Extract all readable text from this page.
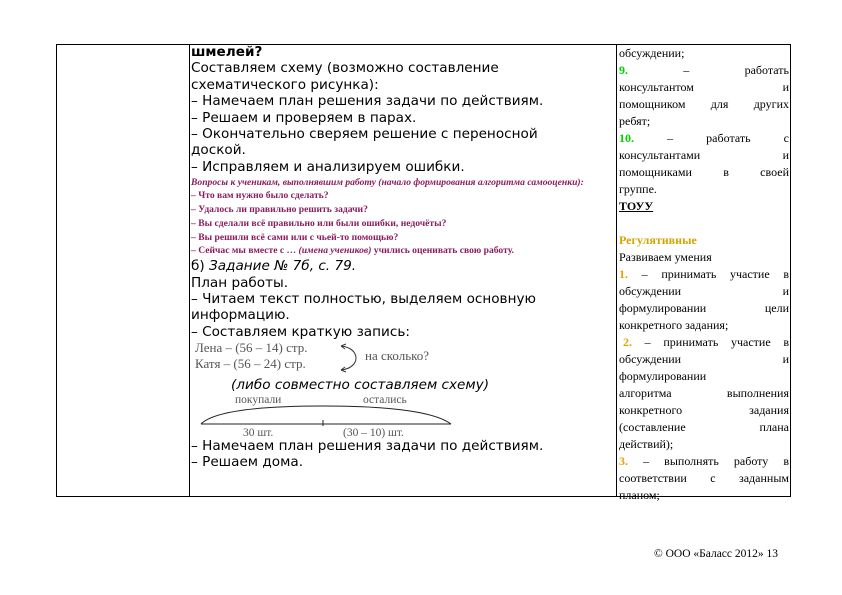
шмелей?
Составляем схему (возможно составление
схематического рисунка):
– Намечаем план решения задачи по действиям.
– Решаем и проверяем в парах.
– Окончательно сверяем решение с переносной
доской.
– Исправляем и анализируем ошибки.
Вопросы к ученикам, выполнявшим работу (начало формирования алгоритма самооценки):
– Что вам нужно было сделать?
– Удалось ли правильно решить задачи?
– Вы сделали всё правильно или были ошибки, недочёты?
– Вы решили всё сами или с чьей-то помощью?
– Сейчас мы вместе с … (имена учеников) учились оценивать свою работу.
б) Задание № 7б, с. 79.
План работы.
– Читаем текст полностью, выделяем основную
информацию.
– Составляем краткую запись:
Лена – (56 – 14) стр.
Катя – (56 – 24) стр.
на сколько?
(либо совместно составляем схему)
покупали	остались
30 шт.	(30 – 10) шт.
– Намечаем план решения задачи по действиям.
– Решаем дома.
обсуждении;
9.	– работать
консультантом и
помощником для других
ребят;
10.	– работать с
консультантами и
помощниками в своей
группе.
ТОУУ
Регулятивные
Развиваем умения
1. – принимать участие в
обсуждении и
формулировании цели
конкретного задания;
2. – принимать участие в
обсуждении и
формулировании
алгоритма выполнения
конкретного задания
(составление плана
действий);
3. – выполнять работу в
соответствии с заданным
планом;
© ООО «Баласс 2012» 13
